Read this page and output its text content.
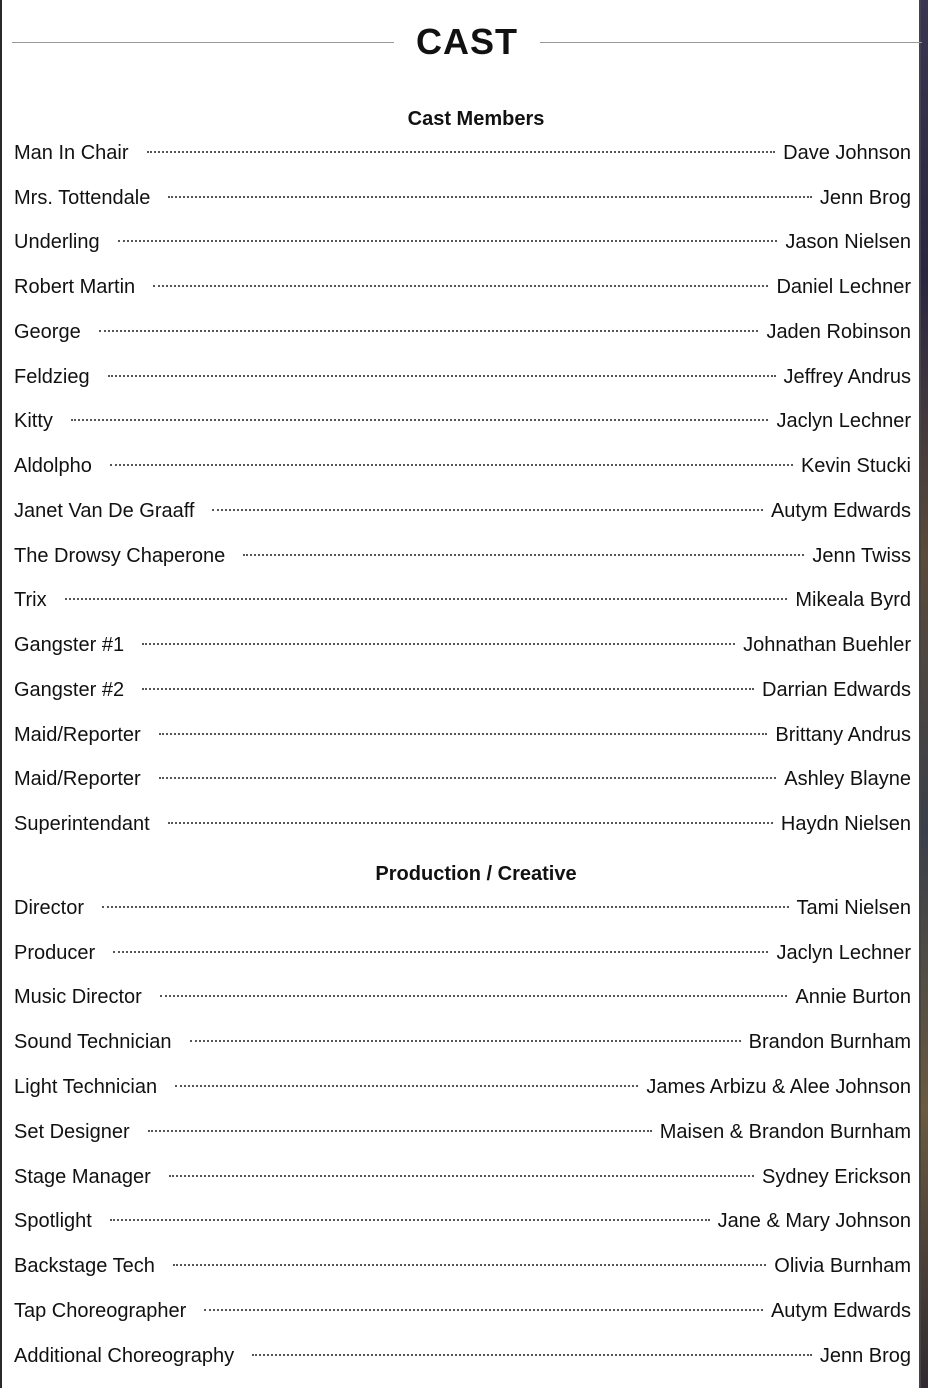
CAST
Cast Members
Man In Chair	Dave Johnson
Mrs. Tottendale	Jenn Brog
Underling	Jason Nielsen
Robert Martin	Daniel Lechner
George	Jaden Robinson
Feldzieg	Jeffrey Andrus
Kitty	Jaclyn Lechner
Aldolpho	Kevin Stucki
Janet Van De Graaff	Autym Edwards
The Drowsy Chaperone	Jenn Twiss
Trix	Mikeala Byrd
Gangster #1	Johnathan Buehler
Gangster #2	Darrian Edwards
Maid/Reporter	Brittany Andrus
Maid/Reporter	Ashley Blayne
Superintendant	Haydn Nielsen
Production / Creative
Director	Tami Nielsen
Producer	Jaclyn Lechner
Music Director	Annie Burton
Sound Technician	Brandon Burnham
Light Technician	James Arbizu & Alee Johnson
Set Designer	Maisen & Brandon Burnham
Stage Manager	Sydney Erickson
Spotlight	Jane & Mary Johnson
Backstage Tech	Olivia Burnham
Tap Choreographer	Autym Edwards
Additional Choreography	Jenn Brog
